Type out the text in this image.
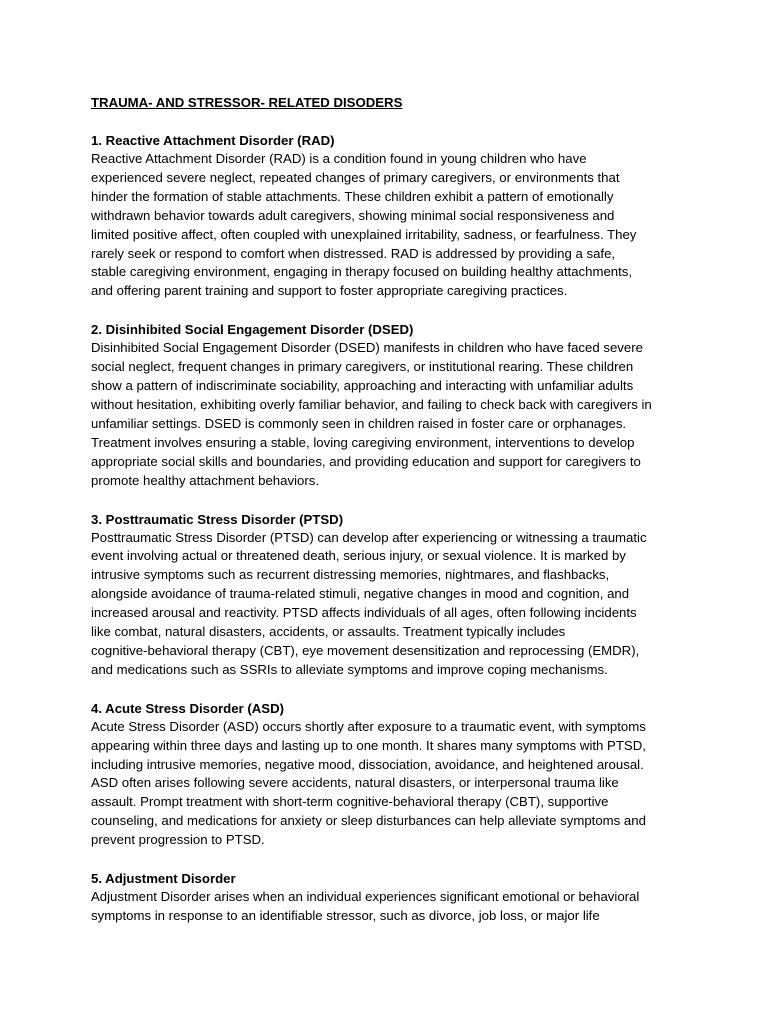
TRAUMA- AND STRESSOR- RELATED DISODERS
1. Reactive Attachment Disorder (RAD)
Reactive Attachment Disorder (RAD) is a condition found in young children who have
experienced severe neglect, repeated changes of primary caregivers, or environments that
hinder the formation of stable attachments. These children exhibit a pattern of emotionally
withdrawn behavior towards adult caregivers, showing minimal social responsiveness and
limited positive affect, often coupled with unexplained irritability, sadness, or fearfulness. They
rarely seek or respond to comfort when distressed. RAD is addressed by providing a safe,
stable caregiving environment, engaging in therapy focused on building healthy attachments,
and offering parent training and support to foster appropriate caregiving practices.
2. Disinhibited Social Engagement Disorder (DSED)
Disinhibited Social Engagement Disorder (DSED) manifests in children who have faced severe
social neglect, frequent changes in primary caregivers, or institutional rearing. These children
show a pattern of indiscriminate sociability, approaching and interacting with unfamiliar adults
without hesitation, exhibiting overly familiar behavior, and failing to check back with caregivers in
unfamiliar settings. DSED is commonly seen in children raised in foster care or orphanages.
Treatment involves ensuring a stable, loving caregiving environment, interventions to develop
appropriate social skills and boundaries, and providing education and support for caregivers to
promote healthy attachment behaviors.
3. Posttraumatic Stress Disorder (PTSD)
Posttraumatic Stress Disorder (PTSD) can develop after experiencing or witnessing a traumatic
event involving actual or threatened death, serious injury, or sexual violence. It is marked by
intrusive symptoms such as recurrent distressing memories, nightmares, and flashbacks,
alongside avoidance of trauma-related stimuli, negative changes in mood and cognition, and
increased arousal and reactivity. PTSD affects individuals of all ages, often following incidents
like combat, natural disasters, accidents, or assaults. Treatment typically includes
cognitive-behavioral therapy (CBT), eye movement desensitization and reprocessing (EMDR),
and medications such as SSRIs to alleviate symptoms and improve coping mechanisms.
4. Acute Stress Disorder (ASD)
Acute Stress Disorder (ASD) occurs shortly after exposure to a traumatic event, with symptoms
appearing within three days and lasting up to one month. It shares many symptoms with PTSD,
including intrusive memories, negative mood, dissociation, avoidance, and heightened arousal.
ASD often arises following severe accidents, natural disasters, or interpersonal trauma like
assault. Prompt treatment with short-term cognitive-behavioral therapy (CBT), supportive
counseling, and medications for anxiety or sleep disturbances can help alleviate symptoms and
prevent progression to PTSD.
5. Adjustment Disorder
Adjustment Disorder arises when an individual experiences significant emotional or behavioral
symptoms in response to an identifiable stressor, such as divorce, job loss, or major life
